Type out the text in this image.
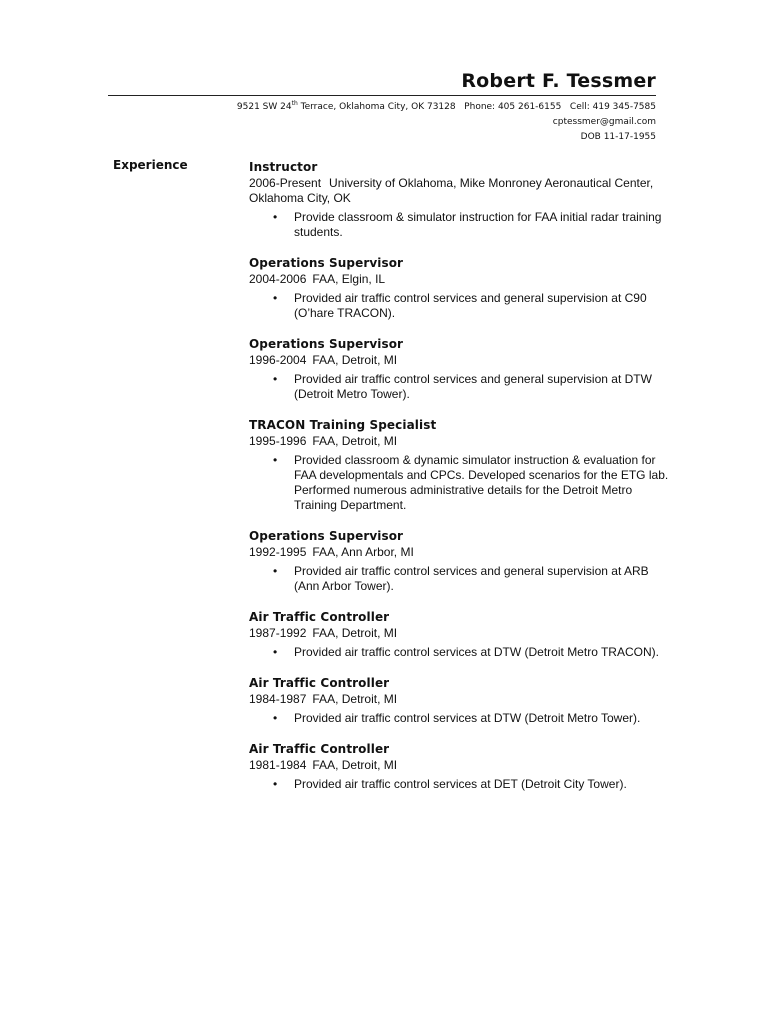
Robert F. Tessmer
9521 SW 24th Terrace, Oklahoma City, OK 73128   Phone: 405 261-6155   Cell: 419 345-7585
cptessmer@gmail.com
DOB 11-17-1955
Experience	Instructor
2006-Present University of Oklahoma, Mike Monroney Aeronautical Center, Oklahoma City, OK
• Provide classroom & simulator instruction for FAA initial radar training students.
Operations Supervisor
2004-2006 FAA, Elgin, IL
• Provided air traffic control services and general supervision at C90 (O’hare TRACON).
Operations Supervisor
1996-2004 FAA, Detroit, MI
• Provided air traffic control services and general supervision at DTW (Detroit Metro Tower).
TRACON Training Specialist
1995-1996 FAA, Detroit, MI
• Provided classroom & dynamic simulator instruction & evaluation for FAA developmentals and CPCs. Developed scenarios for the ETG lab. Performed numerous administrative details for the Detroit Metro Training Department.
Operations Supervisor
1992-1995 FAA, Ann Arbor, MI
• Provided air traffic control services and general supervision at ARB (Ann Arbor Tower).
Air Traffic Controller
1987-1992 FAA, Detroit, MI
• Provided air traffic control services at DTW (Detroit Metro TRACON).
Air Traffic Controller
1984-1987 FAA, Detroit, MI
• Provided air traffic control services at DTW (Detroit Metro Tower).
Air Traffic Controller
1981-1984 FAA, Detroit, MI
• Provided air traffic control services at DET (Detroit City Tower).
